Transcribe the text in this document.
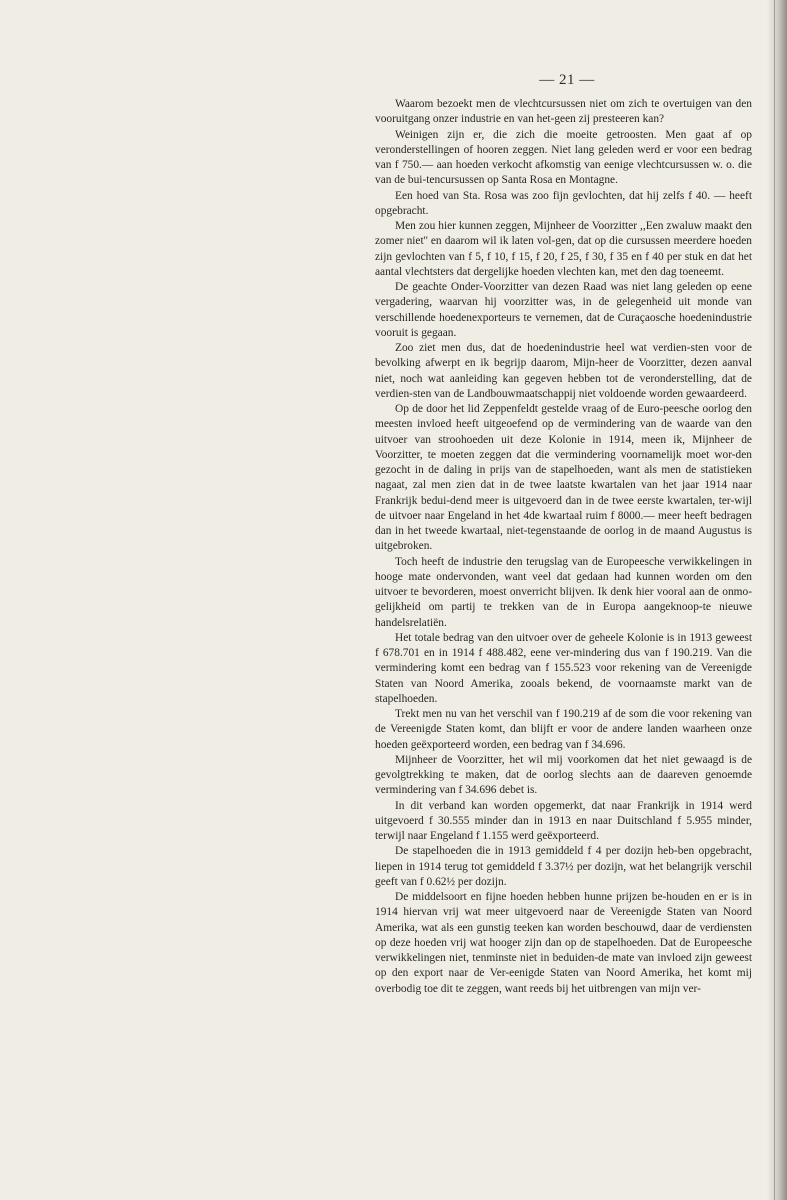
— 21 —

Waarom bezoekt men de vlechtcursussen niet om zich te overtuigen van den vooruitgang onzer industrie en van het-geen zij presteeren kan?

Weinigen zijn er, die zich die moeite getroosten. Men gaat af op veronderstellingen of hooren zeggen. Niet lang geleden werd er voor een bedrag van f 750.— aan hoeden verkocht afkomstig van eenige vlechtcursussen w. o. die van de bui-tencursussen op Santa Rosa en Montagne.

Een hoed van Sta. Rosa was zoo fijn gevlochten, dat hij zelfs f 40. — heeft opgebracht.

Men zou hier kunnen zeggen, Mijnheer de Voorzitter ,,Een zwaluw maakt den zomer niet'' en daarom wil ik laten vol-gen, dat op die cursussen meerdere hoeden zijn gevlochten van f 5, f 10, f 15, f 20, f 25, f 30, f 35 en f 40 per stuk en dat het aantal vlechtsters dat dergelijke hoeden vlechten kan, met den dag toeneemt.

De geachte Onder-Voorzitter van dezen Raad was niet lang geleden op eene vergadering, waarvan hij voorzitter was, in de gelegenheid uit monde van verschillende hoedenexporteurs te vernemen, dat de Curaçaosche hoedenindustrie vooruit is gegaan.

Zoo ziet men dus, dat de hoedenindustrie heel wat verdien-sten voor de bevolking afwerpt en ik begrijp daarom, Mijn-heer de Voorzitter, dezen aanval niet, noch wat aanleiding kan gegeven hebben tot de veronderstelling, dat de verdien-sten van de Landbouwmaatschappij niet voldoende worden gewaardeerd.

Op de door het lid Zeppenfeldt gestelde vraag of de Euro-peesche oorlog den meesten invloed heeft uitgeoefend op de vermindering van de waarde van den uitvoer van stroohoeden uit deze Kolonie in 1914, meen ik, Mijnheer de Voorzitter, te moeten zeggen dat die vermindering voornamelijk moet wor-den gezocht in de daling in prijs van de stapelhoeden, want als men de statistieken nagaat, zal men zien dat in de twee laatste kwartalen van het jaar 1914 naar Frankrijk bedui-dend meer is uitgevoerd dan in de twee eerste kwartalen, ter-wijl de uitvoer naar Engeland in het 4de kwartaal ruim f 8000.— meer heeft bedragen dan in het tweede kwartaal, niet-tegenstaande de oorlog in de maand Augustus is uitgebroken.

Toch heeft de industrie den terugslag van de Europeesche verwikkelingen in hooge mate ondervonden, want veel dat gedaan had kunnen worden om den uitvoer te bevorderen, moest onverricht blijven. Ik denk hier vooral aan de onmo-gelijkheid om partij te trekken van de in Europa aangeknoop-te nieuwe handelsrelatiën.

Het totale bedrag van den uitvoer over de geheele Kolonie is in 1913 geweest f 678.701 en in 1914 f 488.482, eene ver-mindering dus van f 190.219. Van die vermindering komt een bedrag van f 155.523 voor rekening van de Vereenigde Staten van Noord Amerika, zooals bekend, de voornaamste markt van de stapelhoeden.

Trekt men nu van het verschil van f 190.219 af de som die voor rekening van de Vereenigde Staten komt, dan blijft er voor de andere landen waarheen onze hoeden geëxporteerd worden, een bedrag van f 34.696.

Mijnheer de Voorzitter, het wil mij voorkomen dat het niet gewaagd is de gevolgtrekking te maken, dat de oorlog slechts aan de daareven genoemde vermindering van f 34.696 debet is.

In dit verband kan worden opgemerkt, dat naar Frankrijk in 1914 werd uitgevoerd f 30.555 minder dan in 1913 en naar Duitschland f 5.955 minder, terwijl naar Engeland f 1.155 werd geëxporteerd.

De stapelhoeden die in 1913 gemiddeld f 4 per dozijn heb-ben opgebracht, liepen in 1914 terug tot gemiddeld f 3.37½ per dozijn, wat het belangrijk verschil geeft van f 0.62½ per dozijn.

De middelsoort en fijne hoeden hebben hunne prijzen be-houden en er is in 1914 hiervan vrij wat meer uitgevoerd naar de Vereenigde Staten van Noord Amerika, wat als een gunstig teeken kan worden beschouwd, daar de verdiensten op deze hoeden vrij wat hooger zijn dan op de stapelhoeden. Dat de Europeesche verwikkelingen niet, tenminste niet in beduiden-de mate van invloed zijn geweest op den export naar de Ver-eenigde Staten van Noord Amerika, het komt mij overbodig toe dit te zeggen, want reeds bij het uitbrengen van mijn ver-
